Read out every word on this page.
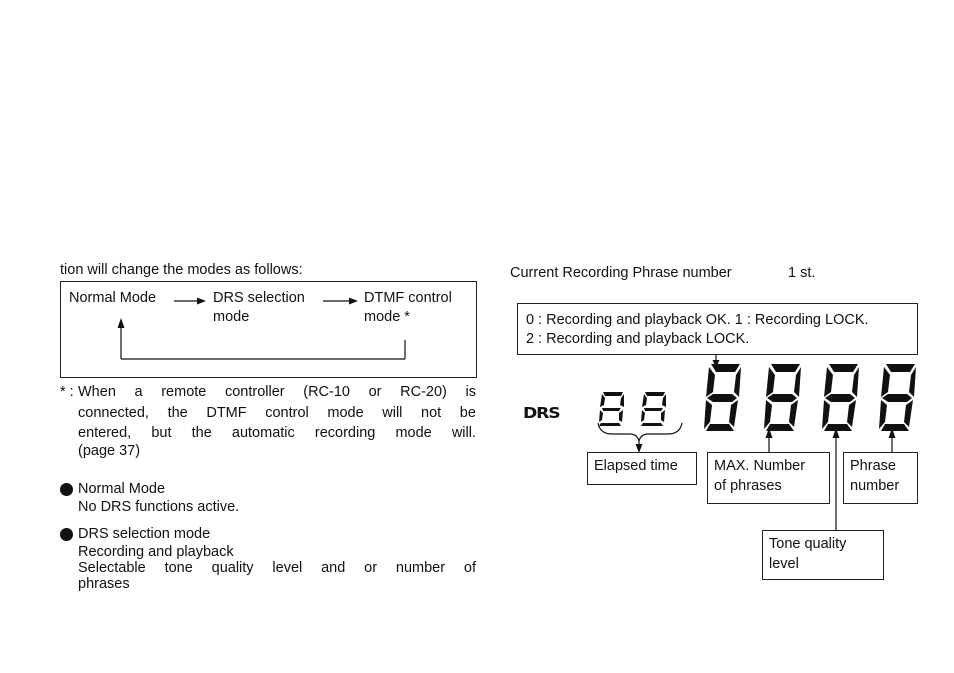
tion will change the modes as follows:
Normal Mode	DRS selection
mode
DTMF control
mode *
* : When a remote controller (RC-10 or RC-20) is
connected, the DTMF control mode will not be
entered, but the automatic recording mode will.
(page 37)
Normal Mode
No DRS functions active.
DRS selection mode
Recording and playback
Selectable tone quality level and or number of
phrases
Current Recording Phrase number	1 st.
0 : Recording and playback OK. 1 : Recording LOCK.
2 : Recording and playback LOCK.
DRS
Elapsed time	MAX. Number
of phrases
Phrase
number
Tone quality
level
